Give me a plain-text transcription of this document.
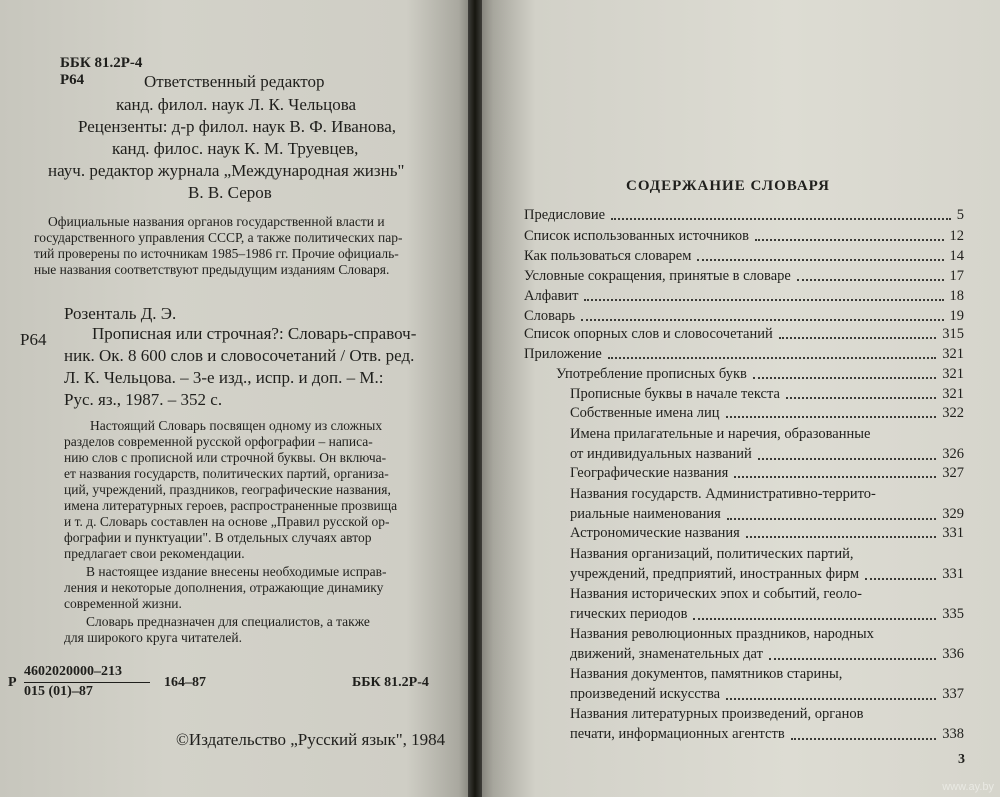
ББК 81.2Р-4
Р64	Ответственный редактор
канд. филол. наук Л. К. Чельцова
Рецензенты: д-р филол. наук В. Ф. Иванова,
канд. филос. наук К. М. Труевцев,
науч. редактор журнала „Международная жизнь"
В. В. Серов
Официальные названия органов государственной власти и
государственного управления СССР, а также политических пар-
тий проверены по источникам 1985–1986 гг. Прочие официаль-
ные названия соответствуют предыдущим изданиям Словаря.
Розенталь Д. Э.
Р64	Прописная или строчная?: Словарь-справоч-
ник. Ок. 8 600 слов и словосочетаний / Отв. ред.
Л. К. Чельцова. – 3-е изд., испр. и доп. – М.:
Рус. яз., 1987. – 352 с.
Настоящий Словарь посвящен одному из сложных
разделов современной русской орфографии – написа-
нию слов с прописной или строчной буквы. Он включа-
ет названия государств, политических партий, организа-
ций, учреждений, праздников, географические названия,
имена литературных героев, распространенные прозвища
и т. д. Словарь составлен на основе „Правил русской ор-
фографии и пунктуации". В отдельных случаях автор
предлагает свои рекомендации.
В настоящее издание внесены необходимые исправ-
ления и некоторые дополнения, отражающие динамику
современной жизни.
Словарь предназначен для специалистов, а также
для широкого круга читателей.
Р
4602020000–213
015 (01)–87
164–87	ББК 81.2Р-4
©Издательство „Русский язык", 1984
СОДЕРЖАНИЕ СЛОВАРЯ
Предисловие	5
Список использованных источников	12
Как пользоваться словарем	14
Условные сокращения, принятые в словаре	17
Алфавит	18
Словарь	19
Список опорных слов и словосочетаний	315
Приложение	321
Употребление прописных букв	321
Прописные буквы в начале текста	321
Собственные имена лиц	322
Имена прилагательные и наречия, образованные
от индивидуальных названий	326
Географические названия	327
Названия государств. Административно-террито-
риальные наименования	329
Астрономические названия	331
Названия организаций, политических партий,
учреждений, предприятий, иностранных фирм	331
Названия исторических эпох и событий, геоло-
гических периодов	335
Названия революционных праздников, народных
движений, знаменательных дат	336
Названия документов, памятников старины,
произведений искусства	337
Названия литературных произведений, органов
печати, информационных агентств	338
3
www.ay.by
